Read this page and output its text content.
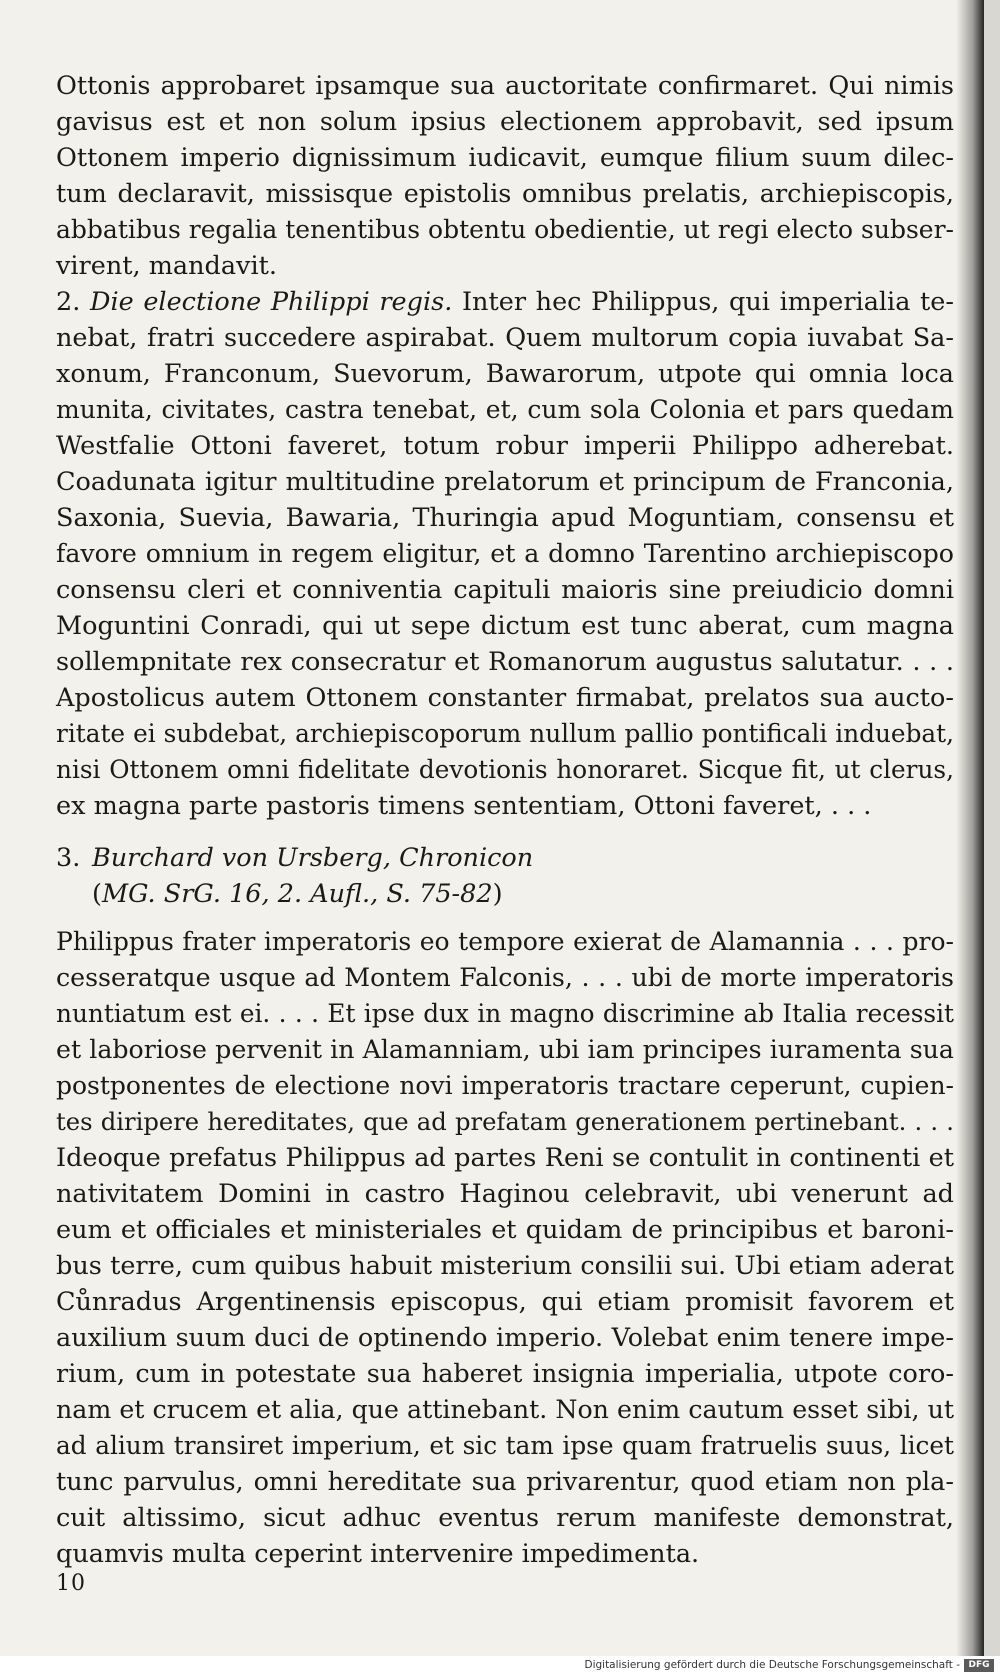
Ottonis approbaret ipsamque sua auctoritate confirmaret. Qui nimis
gavisus est et non solum ipsius electionem approbavit, sed ipsum
Ottonem imperio dignissimum iudicavit, eumque filium suum dilec-
tum declaravit, missisque epistolis omnibus prelatis, archiepiscopis,
abbatibus regalia tenentibus obtentu obedientie, ut regi electo subser-
virent, mandavit.
2. Die electione Philippi regis. Inter hec Philippus, qui imperialia te-
nebat, fratri succedere aspirabat. Quem multorum copia iuvabat Sa-
xonum, Franconum, Suevorum, Bawarorum, utpote qui omnia loca
munita, civitates, castra tenebat, et, cum sola Colonia et pars quedam
Westfalie Ottoni faveret, totum robur imperii Philippo adherebat.
Coadunata igitur multitudine prelatorum et principum de Franconia,
Saxonia, Suevia, Bawaria, Thuringia apud Moguntiam, consensu et
favore omnium in regem eligitur, et a domno Tarentino archiepiscopo
consensu cleri et conniventia capituli maioris sine preiudicio domni
Moguntini Conradi, qui ut sepe dictum est tunc aberat, cum magna
sollempnitate rex consecratur et Romanorum augustus salutatur. . . .
Apostolicus autem Ottonem constanter firmabat, prelatos sua aucto-
ritate ei subdebat, archiepiscoporum nullum pallio pontificali induebat,
nisi Ottonem omni fidelitate devotionis honoraret. Sicque fit, ut clerus,
ex magna parte pastoris timens sententiam, Ottoni faveret, . . .
3. Burchard von Ursberg, Chronicon
(MG. SrG. 16, 2. Aufl., S. 75-82)
Philippus frater imperatoris eo tempore exierat de Alamannia . . . pro-
cesseratque usque ad Montem Falconis, . . . ubi de morte imperatoris
nuntiatum est ei. . . . Et ipse dux in magno discrimine ab Italia recessit
et laboriose pervenit in Alamanniam, ubi iam principes iuramenta sua
postponentes de electione novi imperatoris tractare ceperunt, cupien-
tes diripere hereditates, que ad prefatam generationem pertinebant. . . .
Ideoque prefatus Philippus ad partes Reni se contulit in continenti et
nativitatem Domini in castro Haginou celebravit, ubi venerunt ad
eum et officiales et ministeriales et quidam de principibus et baroni-
bus terre, cum quibus habuit misterium consilii sui. Ubi etiam aderat
Cůnradus Argentinensis episcopus, qui etiam promisit favorem et
auxilium suum duci de optinendo imperio. Volebat enim tenere impe-
rium, cum in potestate sua haberet insignia imperialia, utpote coro-
nam et crucem et alia, que attinebant. Non enim cautum esset sibi, ut
ad alium transiret imperium, et sic tam ipse quam fratruelis suus, licet
tunc parvulus, omni hereditate sua privarentur, quod etiam non pla-
cuit altissimo, sicut adhuc eventus rerum manifeste demonstrat,
quamvis multa ceperint intervenire impedimenta.
10
Digitalisierung gefördert durch die Deutsche Forschungsgemeinschaft - DFG
